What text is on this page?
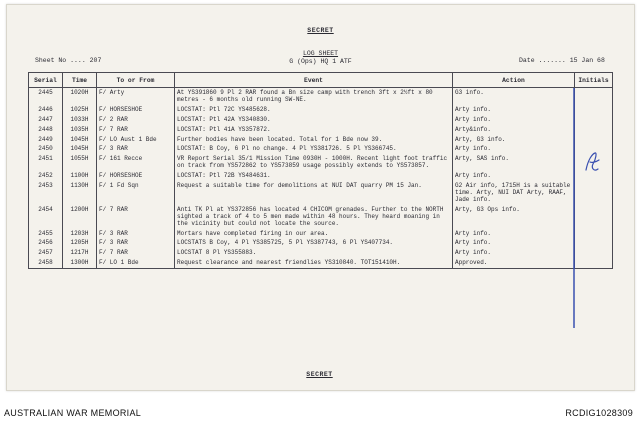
SECRET
Sheet No .... 207
LOG SHEET
G (Ops) HQ 1 ATF	Date ....... 15 Jan 68
Serial	Time	To or From	Event	Action	Initials
2445	1020H	F/ Arty	At YS391860 9 Pl 2 RAR found a Bn size camp with trench 3ft x 2½ft x 80 metres - 6 months old running SW-NE.	G3 info.	
2446	1025H	F/ HORSESHOE	LOCSTAT: Ptl 72C YS485628.	Arty info.	
2447	1033H	F/ 2 RAR	LOCSTAT: Ptl 42A YS340830.	Arty info.	
2448	1035H	F/ 7 RAR	LOCSTAT: Ptl 41A YS357872.	Arty&info.	
2449	1045H	F/ LO Aust 1 Bde	Further bodies have been located. Total for 1 Bde now 39.	Arty, G3 info.	
2450	1045H	F/ 3 RAR	LOCSTAT: B Coy, 6 Pl no change. 4 Pl YS381726. 5 Pl YS366745.	Arty info.	
2451	1055H	F/ 161 Recce	VR Report Serial 35/1 Mission Time 0930H - 1000H. Recent light foot traffic on track from YS572862 to YS573859 usage possibly extends to YS573857.	Arty, SAS info.	
2452	1100H	F/ HORSESHOE	LOCSTAT: Ptl 72B YS484631.	Arty info.	
2453	1130H	F/ 1 Fd Sqn	Request a suitable time for demolitions at NUI DAT quarry PM 15 Jan.	G2 Air info, 1715H is a suitable time. Arty, NUI DAT Arty, RAAF, Jade info.	
2454	1200H	F/ 7 RAR	Anti TK Pl at YS372856 has located 4 CHICOM grenades. Further to the NORTH sighted a track of 4 to 5 men made within 48 hours. They heard moaning in the vicinity but could not locate the source.	Arty, G3 Ops info.	
2455	1203H	F/ 3 RAR	Mortars have completed firing in our area.	Arty info.	
2456	1205H	F/ 3 RAR	LOCSTATS B Coy, 4 Pl YS385725, 5 Pl YS387743, 6 Pl YS407734.	Arty info.	
2457	1217H	F/ 7 RAR	LOCSTAT 8 Pl YS355883.	Arty info.	
2458	1300H	F/ LO 1 Bde	Request clearance and nearest friendlies YS310840. TOT151410H.	Approved.	
SECRET
AUSTRALIAN WAR MEMORIAL	RCDIG1028309
